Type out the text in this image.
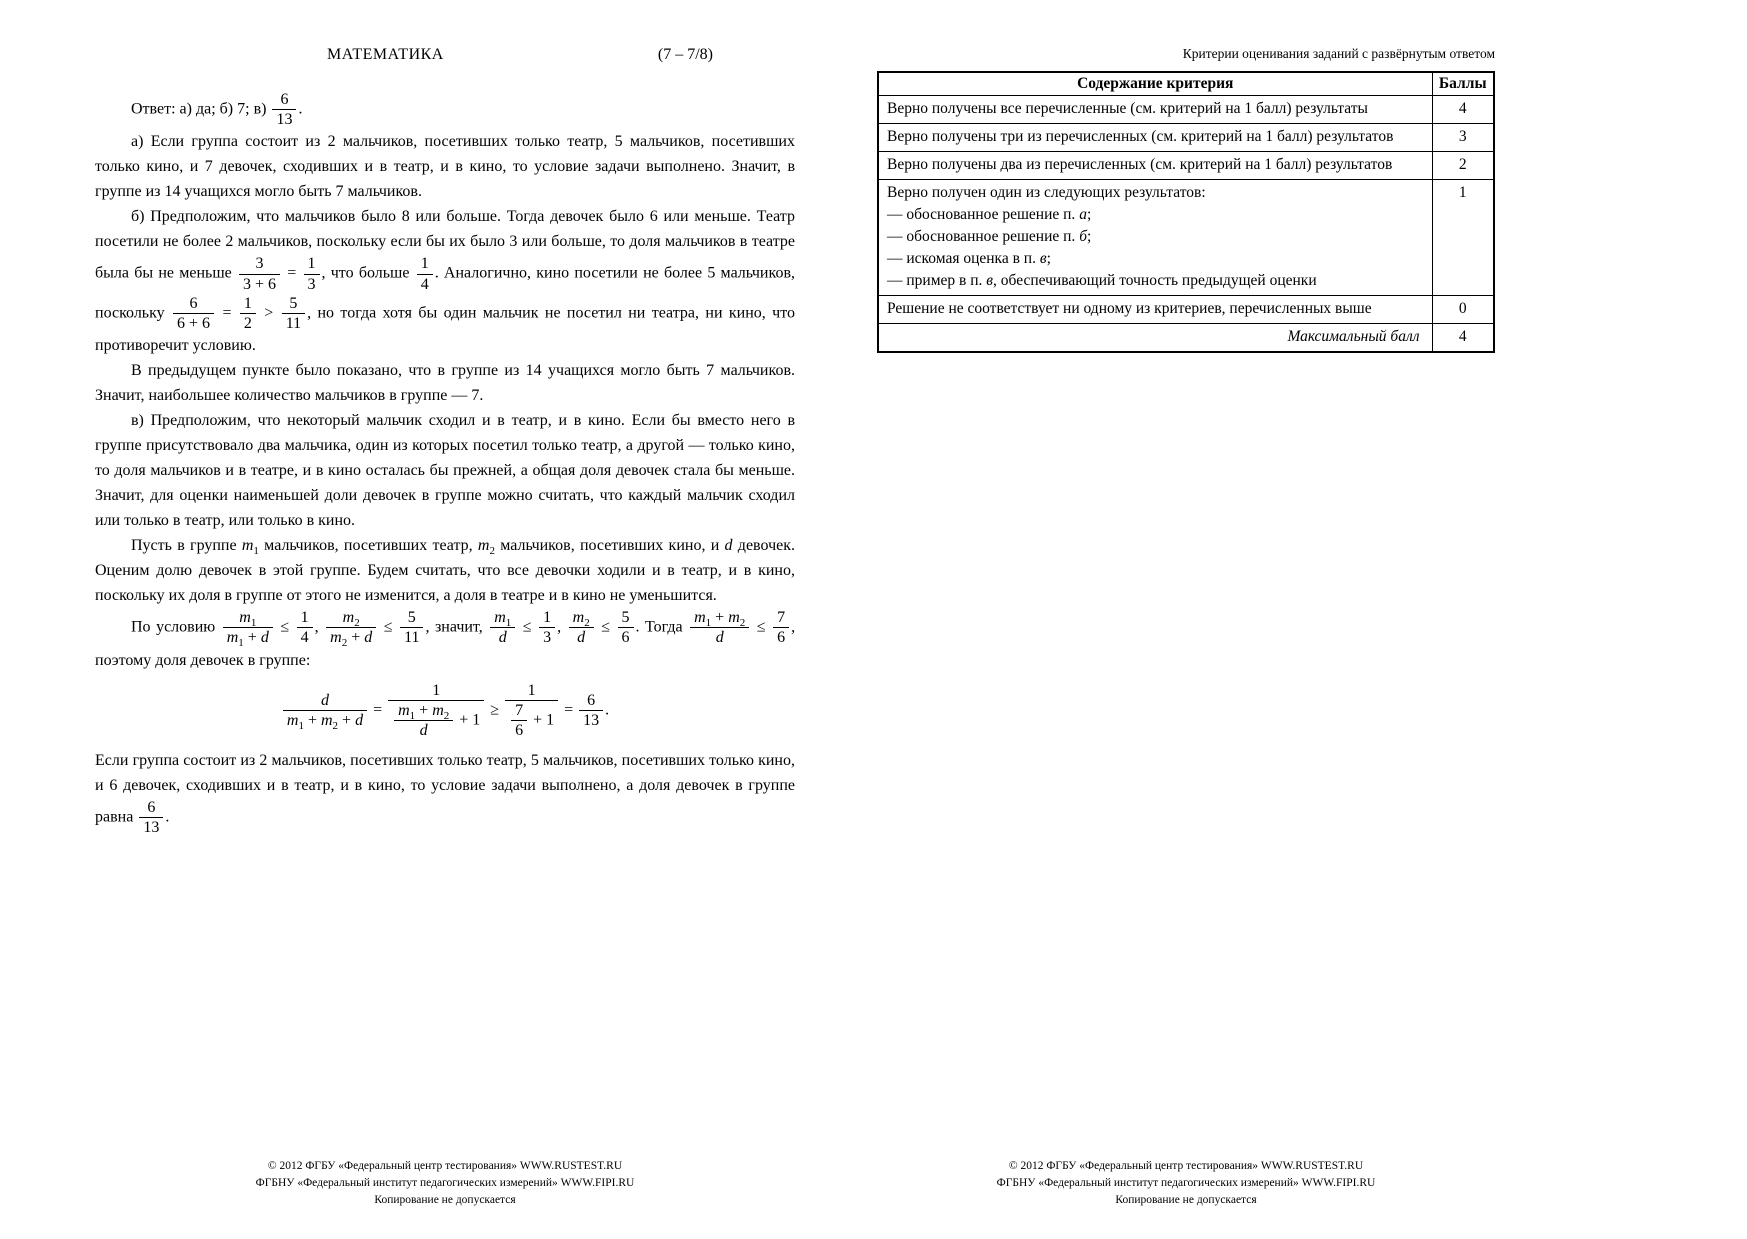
МАТЕМАТИКА	(7 – 7/8)
Ответ: а) да; б) 7; $в) \frac{6}{13}$ .
а) Если группа состоит из 2 мальчиков, посетивших только театр, 5 мальчиков, посетивших только кино, и 7 девочек, сходивших и в театр, и в кино, то условие задачи выполнено. Значит, в группе из 14 учащихся могло быть 7 мальчиков.
б) Предположим, что мальчиков было 8 или больше. Тогда девочек было 6 или меньше. Театр посетили не более 2 мальчиков, поскольку если бы их было 3 или больше, то доля мальчиков в театре была бы не меньше $\frac{3}{3 + 6} = \frac{1}{3}$ , что больше $\frac{1}{4}$ . Аналогично, кино посетили не более 5 мальчиков, поскольку $\frac{6}{6 + 6} = \frac{1}{2} > \frac{5}{11}$ , но тогда хотя бы один мальчик не посетил ни театра, ни кино, что противоречит условию.
В предыдущем пункте было показано, что в группе из 14 учащихся могло быть 7 мальчиков. Значит, наибольшее количество мальчиков в группе — 7.
в) Предположим, что некоторый мальчик сходил и в театр, и в кино. Если бы вместо него в группе присутствовало два мальчика, один из которых посетил только театр, а другой — только кино, то доля мальчиков и в театре, и в кино осталась бы прежней, а общая доля девочек стала бы меньше. Значит, для оценки наименьшей доли девочек в группе можно считать, что каждый мальчик сходил или только в театр, или только в кино.
Пусть в группе $m_1$ мальчиков, посетивших театр, $m_2$ мальчиков, посетивших кино, и d девочек. Оценим долю девочек в этой группе. Будем считать, что все девочки ходили и в театр, и в кино, поскольку их доля в группе от этого не изменится, а доля в театре и в кино не уменьшится.
По условию $\frac{m_1}{m_1 + d} \le \frac{1}{4}$ , $\frac{m_2}{m_2 + d} \le \frac{5}{11}$ , значит, $\frac{m_1}{d} \le \frac{1}{3}$ , $\frac{m_2}{d} \le \frac{5}{6}$ . Тогда $\frac{m_1 + m_2}{d} \le \frac{7}{6}$ , поэтому доля девочек в группе:
$\frac{d}{m_1 + m_2 + d} = \frac{1}{\frac{m_1 + m_2}{d} + 1} \ge \frac{1}{\frac{7}{6} + 1} = \frac{6}{13}$ .
Если группа состоит из 2 мальчиков, посетивших только театр, 5 мальчиков, посетивших только кино, и 6 девочек, сходивших и в театр, и в кино, то условие задачи выполнено, а доля девочек в группе равна $\frac{6}{13}$ .
Критерии оценивания заданий с развёрнутым ответом
Содержание критерия	Баллы

Верно получены все перечисленные (см. критерий на 1 балл) результаты	4

Верно получены три из перечисленных (см. критерий на 1 балл) результатов	3

Верно получены два из перечисленных (см. критерий на 1 балл) результатов	2

Верно получен один из следующих результатов:
— обоснованное решение п. а;
— обоснованное решение п. б;
— искомая оценка в п. в;
— пример в п. в, обеспечивающий точность предыдущей оценки	1

Решение не соответствует ни одному из критериев, перечисленных выше	0
Максимальный балл	4
© 2012 ФГБУ «Федеральный центр тестирования» WWW.RUSTEST.RU
ФГБНУ «Федеральный институт педагогических измерений» WWW.FIPI.RU
Копирование не допускается
© 2012 ФГБУ «Федеральный центр тестирования» WWW.RUSTEST.RU
ФГБНУ «Федеральный институт педагогических измерений» WWW.FIPI.RU
Копирование не допускается
